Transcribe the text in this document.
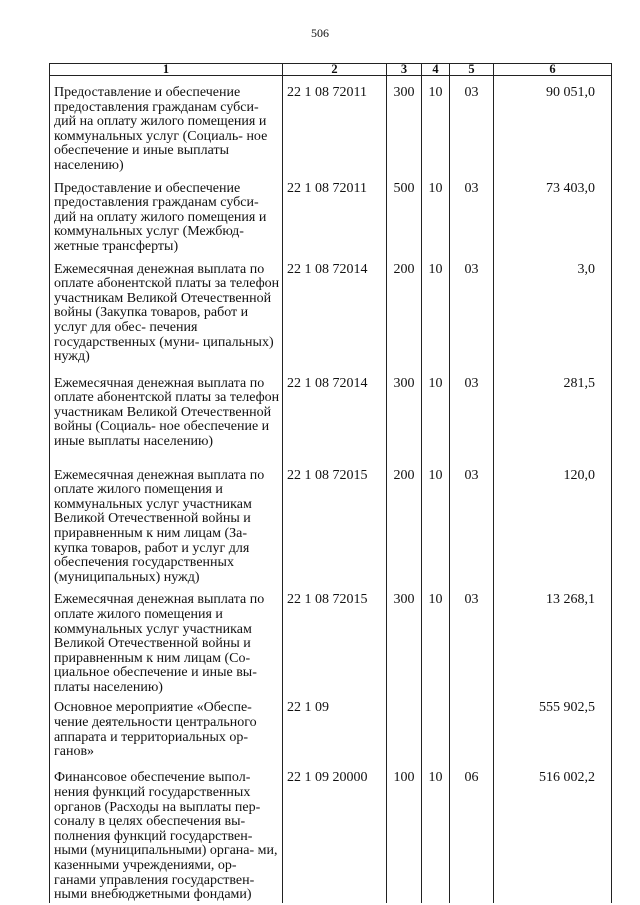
506
1	2	3	4	5	6
Предоставление и обеспечение предоставления гражданам субси- дий на оплату жилого помещения и коммунальных услуг (Социаль- ное обеспечение и иные выплаты населению)	22 1 08 72011	300	10	03	90 051,0
Предоставление и обеспечение предоставления гражданам субси- дий на оплату жилого помещения и коммунальных услуг (Межбюд- жетные трансферты)	22 1 08 72011	500	10	03	73 403,0
Ежемесячная денежная выплата по оплате абонентской платы за телефон участникам Великой Отечественной войны (Закупка товаров, работ и услуг для обес- печения государственных (муни- ципальных) нужд)	22 1 08 72014	200	10	03	3,0
Ежемесячная денежная выплата по оплате абонентской платы за телефон участникам Великой Отечественной войны (Социаль- ное обеспечение и иные выплаты населению)	22 1 08 72014	300	10	03	281,5
Ежемесячная денежная выплата по оплате жилого помещения и коммунальных услуг участникам Великой Отечественной войны и приравненным к ним лицам (За- купка товаров, работ и услуг для обеспечения государственных (муниципальных) нужд)	22 1 08 72015	200	10	03	120,0
Ежемесячная денежная выплата по оплате жилого помещения и коммунальных услуг участникам Великой Отечественной войны и приравненным к ним лицам (Со- циальное обеспечение и иные вы- платы населению)	22 1 08 72015	300	10	03	13 268,1
Основное мероприятие «Обеспе- чение деятельности центрального аппарата и территориальных ор- ганов»	22 1 09				555 902,5
Финансовое обеспечение выпол- нения функций государственных органов (Расходы на выплаты пер- соналу в целях обеспечения вы- полнения функций государствен- ными (муниципальными) органа- ми, казенными учреждениями, ор- ганами управления государствен- ными внебюджетными фондами)	22 1 09 20000	100	10	06	516 002,2
